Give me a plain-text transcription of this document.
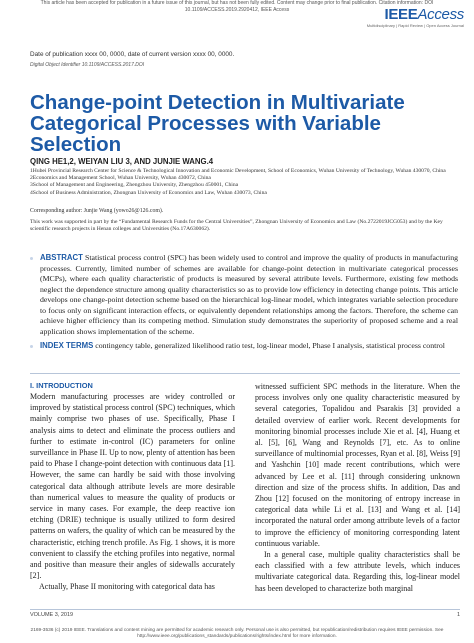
This article has been accepted for publication in a future issue of this journal, but has not been fully edited. Content may change prior to final publication. Citation information: DOI
10.1109/ACCESS.2019.2920412, IEEE Access	IEEEAccess
Multidisciplinary | Rapid Review | Open Access Journal
Date of publication xxxx 00, 0000, date of current version xxxx 00, 0000.
Digital Object Identifier 10.1109/ACCESS.2017.DOI
Change-point Detection in Multivariate Categorical Processes with Variable Selection
QING HE1,2, WEIYAN LIU 3, AND JUNJIE WANG.4
1Hubei Provincial Research Center for Science & Technological Innovation and Economic Development, School of Economics, Wuhan University of Technology, Wuhan 430070, China
2Economics and Management School, Wuhan University, Wuhan 430072, China
3School of Management and Engineering, Zhengzhou University, Zhengzhou 450001, China
4School of Business Administration, Zhongnan University of Economics and Law, Wuhan 430073, China
Corresponding author: Junjie Wang (yowo26@126.com).
This work was supported in part by the “Fundamental Research Funds for the Central Universities”, Zhongnan University of Economics and Law (No.2722019JCG053) and by the Key scientific research projects in Henan colleges and Universities (No.17A630062).
ABSTRACT Statistical process control (SPC) has been widely used to control and improve the quality of products in manufacturing processes. Currently, limited number of schemes are available for change-point detection in multivariate categorical processes (MCPs), where each quality characteristic of products is measured by several attribute levels. Furthermore, existing few methods neglect the dependence structure among quality characteristics so as to provide low efficiency in detecting change points. This article develops one change-point detection scheme based on the hierarchical log-linear model, which integrates variable selection procedure to focus only on significant interaction effects, or equivalently dependent relationships among the factors. Therefore, the scheme can achieve higher efficiency than its competing method. Simulation study demonstrates the superiority of proposed scheme and a real application shows implementation of the scheme.
INDEX TERMS contingency table, generalized likelihood ratio test, log-linear model, Phase I analysis, statistical process control
I. INTRODUCTION

Modern manufacturing processes are widey controlled or improved by statistical process control (SPC) techniques, which mainly comprise two phases of use. Specifically, Phase I analysis aims to detect and eliminate the process outliers and further to estimate in-control (IC) parameters for online surveillance in Phase II. Up to now, plenty of attention has been paid to Phase I change-point detection with continuous data [1]. However, the same can hardly be said with those involving categorical data although attribute levels are more desirable than numerical values to measure the quality of products or service in many cases. For example, the deep reactive ion etching (DRIE) technique is usually utilized to form desired patterns on wafers, the quality of which can be measured by the characteristic, etching trench profile. As Fig. 1 shows, it is more convenient to classify the etching profiles into negative, normal and positive than measure their angles of sidewalls accurately [2].

Actually, Phase II monitoring with categorical data has

witnessed sufficient SPC methods in the literature. When the process involves only one quality characteristic measured by several categories, Topalidou and Psarakis [3] provided a detailed overview of earlier work. Recent developments for monitoring binomial processes include Xie et al. [4], Huang et al. [5], [6], Wang and Reynolds [7], etc. As to online surveillance of multinomial processes, Ryan et al. [8], Weiss [9] and Yashchin [10] made recent contributions, which were advanced by Lee et al. [11] through considering unknown direction and size of the process shifts. In addition, Das and Zhou [12] focused on the monitoring of entropy increase in categorical data while Li et al. [13] and Wang et al. [14] incorporated the natural order among attribute levels of a factor to improve the efficiency of monitoring corresponding latent continuous variable.

In a general case, multiple quality characteristics shall be each classified with a few attribute levels, which induces multivariate categorical data. Regarding this, log-linear model has been developed to characterize both marginal

VOLUME 3, 2019	1
2169-3536 (c) 2019 IEEE. Translations and content mining are permitted for academic research only. Personal use is also permitted, but republication/redistribution requires IEEE permission. See
http://www.ieee.org/publications_standards/publications/rights/index.html for more information.
